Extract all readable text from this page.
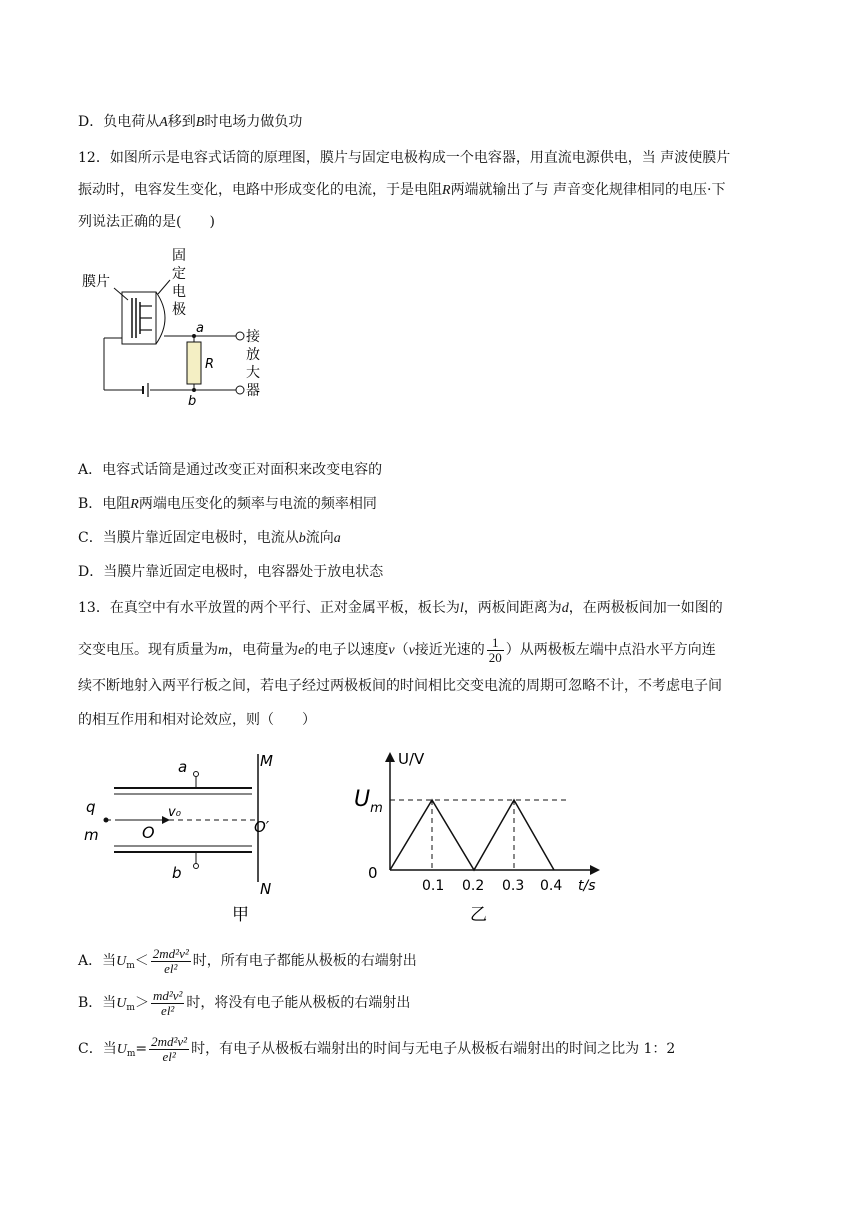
D．负电荷从A移到B时电场力做负功
12．如图所示是电容式话筒的原理图，膜片与固定电极构成一个电容器，用直流电源供电，当 声波使膜片
振动时，电容发生变化，电路中形成变化的电流，于是电阻R两端就输出了与 声音变化规律相同的电压·下
列说法正确的是(　　)
膜片
固
定
电
极
a
R
b
接
放
大
器
A．电容式话筒是通过改变正对面积来改变电容的
B．电阻R两端电压变化的频率与电流的频率相同
C．当膜片靠近固定电极时，电流从b流向a
D．当膜片靠近固定电极时，电容器处于放电状态
13．在真空中有水平放置的两个平行、正对金属平板，板长为l，两板间距离为d，在两极板间加一如图的
交变电压。现有质量为m，电荷量为e的电子以速度v（v接近光速的 $\frac{1}{20}$ ）从两极板左端中点沿水平方向连
续不断地射入两平行板之间，若电子经过两极板间的时间相比交变电流的周期可忽略不计，不考虑电子间
的相互作用和相对论效应，则（　　）
a
b
M
N
q
m
v₀
O	O′
甲
U/V
t/s
0
$U_m$
0.1 0.2 0.3 0.4
乙
A．当$U_m< \frac{\text{2md²v²}}{\text{el²}}$ 时，所有电子都能从极板的右端射出
B．当$U_m> \frac{\text{md²v²}}{\text{el²}}$ 时，将没有电子能从极板的右端射出
C．当$U_m= \frac{\text{2md²v²}}{\text{el²}}$ 时，有电子从极板右端射出的时间与无电子从极板右端射出的时间之比为 1：2
